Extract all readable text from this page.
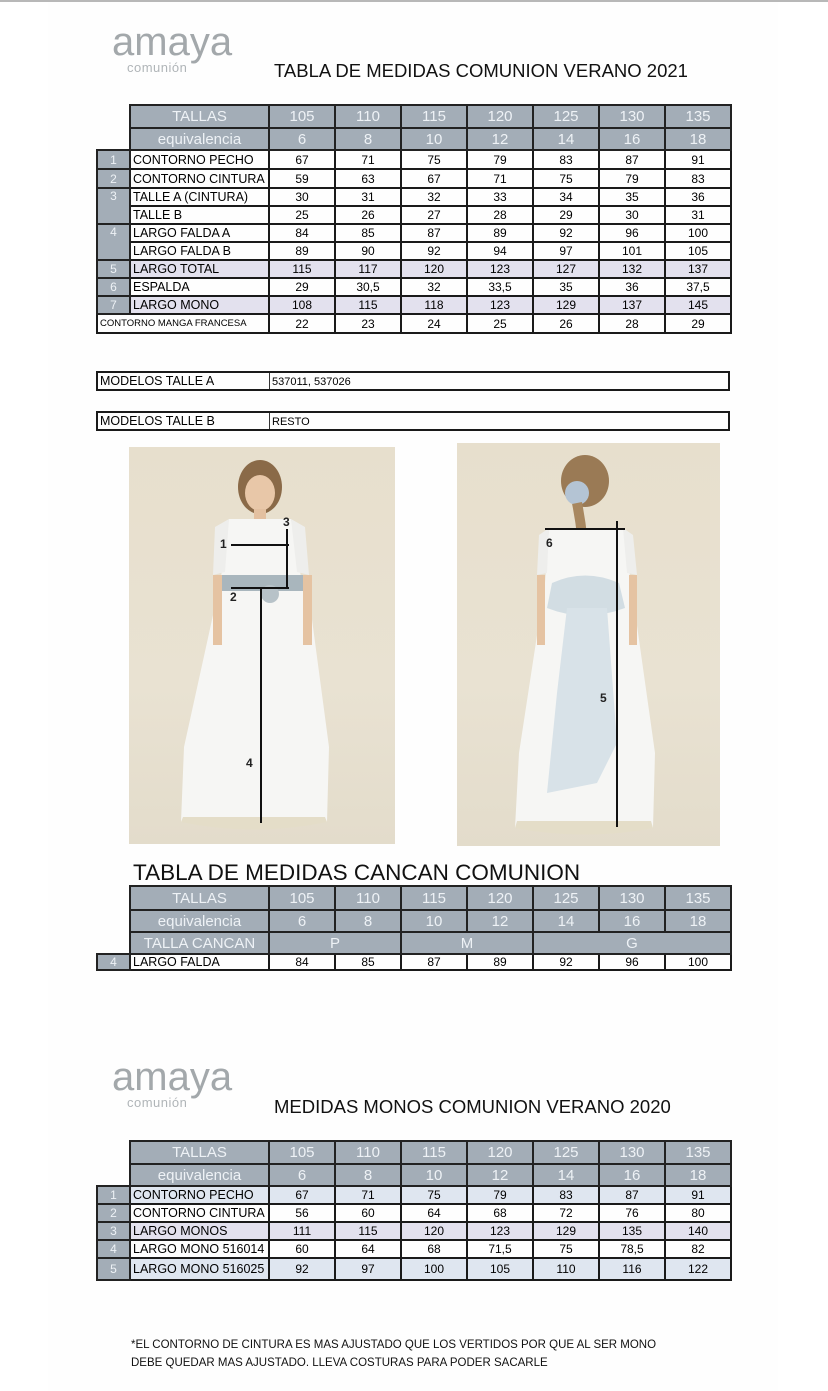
amaya
comunión	TABLA DE MEDIDAS COMUNION VERANO 2021
	TALLAS	105	110	115	120	125	130	135
	equivalencia	6	8	10	12	14	16	18
1	CONTORNO PECHO	67	71	75	79	83	87	91
2	CONTORNO CINTURA	59	63	67	71	75	79	83
3	TALLE A (CINTURA)	30	31	32	33	34	35	36
	TALLE B	25	26	27	28	29	30	31
4	LARGO FALDA A	84	85	87	89	92	96	100
	LARGO FALDA B	89	90	92	94	97	101	105
5	LARGO TOTAL	115	117	120	123	127	132	137
6	ESPALDA	29	30,5	32	33,5	35	36	37,5
7	LARGO MONO	108	115	118	123	129	137	145
CONTORNO MANGA FRANCESA		22	23	24	25	26	28	29
MODELOS TALLE A	537011, 537026
MODELOS TALLE B	RESTO
1
2
3
4
6
5
TABLA DE MEDIDAS CANCAN COMUNION
	TALLAS	105	110	115	120	125	130	135
	equivalencia	6	8	10	12	14	16	18
	TALLA CANCAN	P		M		G		
4	LARGO FALDA	84	85	87	89	92	96	100
amaya
comunión	MEDIDAS MONOS COMUNION VERANO 2020
	TALLAS	105	110	115	120	125	130	135
	equivalencia	6	8	10	12	14	16	18
1	CONTORNO PECHO	67	71	75	79	83	87	91
2	CONTORNO CINTURA	56	60	64	68	72	76	80
3	LARGO MONOS	111	115	120	123	129	135	140
4	LARGO MONO 516014	60	64	68	71,5	75	78,5	82
5	LARGO MONO 516025	92	97	100	105	110	116	122
*EL CONTORNO DE CINTURA ES MAS AJUSTADO QUE LOS VERTIDOS POR QUE AL SER MONO
DEBE QUEDAR MAS AJUSTADO. LLEVA COSTURAS PARA PODER SACARLE
